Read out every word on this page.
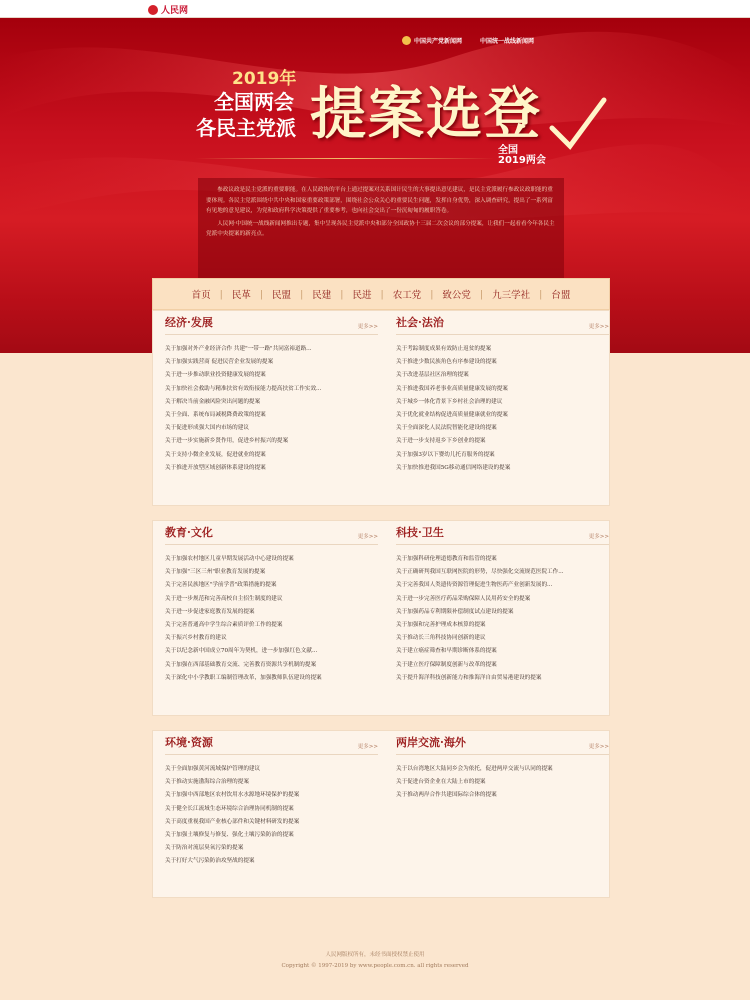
人民网
中国共产党新闻网	中国统一战线新闻网
2019年
全国两会
各民主党派 提案选登
全国
2019两会

参政议政是民主党派的重要职能。在人民政协的平台上通过提案对关系国计民生的大事提出意见建议，是民主党派履行参政议政职能的重要体现。各民主党派围绕中共中央和国家重要政策部署，围绕社会公众关心的重要民生问题，发挥自身优势，深入调查研究，提出了一系列富有见地的意见建议，为党和政府科学决策提供了重要参考，也向社会交出了一份沉甸甸的履职答卷。

人民网·中国统一战线新闻网推出专题，集中呈现各民主党派中央和部分全国政协十三届二次会议的部分提案，让我们一起看看今年各民主党派中央提案的新亮点。

首页 | 民革 | 民盟 | 民建 | 民进 | 农工党 | 致公党 | 九三学社 | 台盟
经济·发展	更多>>
关于加强对外产业经济合作 共建"一带一路"共同富裕道路...
关于加强实践营商 促进民营企业发展的提案
关于进一步推动职业投资健康发展的提案
关于加快社会救助与精准扶贫有效衔接能力提高扶贫工作实效...
关于解决当前金融风险突出问题的提案
关于全面、系统布局减税降费政策的提案
关于促进形成强大国内市场的建议
关于进一步实施新乡贤作用，促进乡村振兴的提案
关于支持小微企业发展，促进就业的提案
关于推进开放型区域创新体系建设的提案
社会·法治	更多>>
关于考踪制度成果有效防止返贫的提案
关于推进少数民族角色有序参建设的提案
关于改进基层社区治理的提案
关于推进我国养老事业高质量健康发展的提案
关于城乡一体化背景下乡村社会治理的建议
关于优化就业结构促进高质量健康就业的提案
关于全面深化人民法院智能化建设的提案
关于进一步支持返乡下乡创业的提案
关于加强3岁以下婴幼儿托育服务的提案
关于加快推进我国5G移动通信网络建设的提案
教育·文化	更多>>
关于加强农村地区儿童早期发展活动中心建设的提案
关于加强"三区三州"职业教育发展的提案
关于完善民族地区"学前学普"政策措施的提案
关于进一步规范和完善高校自主招生制度的建议
关于进一步促进家庭教育发展的提案
关于完善普通高中学生综合素质评价工作的提案
关于振兴乡村教育的建议
关于以纪念新中国成立70周年为契机，进一步加强红色文献...
关于加强在西部基础教育交流、完善教育资源共享机制的提案
关于深化中小学教职工编制管理改革，加强教师队伍建设的提案
科技·卫生	更多>>
关于加强科研伦理道德教育和监管的提案
关于正确研判我国互联网医院的形势，尽快强化交流规范医院工作...
关于完善我国人类遗传资源管理促进生物医药产业创新发展的...
关于进一步完善医疗药品采购保障人民用药安全的提案
关于加强药品专利期限补偿制度试点建设的提案
关于加强和完善护理成本核算的提案
关于推动长三角科技协同创新的建议
关于建立癌症筛查和早期诊断体系的提案
关于建立医疗保障制度创新与改革的提案
关于提升海洋科技创新能力和推海洋自由贸易港建设的提案
环境·资源	更多>>
关于全面加强黄河流域保护管理的建议
关于推动实施渤海综合治理的提案
关于加强中西部地区农村饮用水水源地环境保护的提案
关于健全长江流域生态环境综合治理协同机制的提案
关于高度重视我国产业核心部件和关键材料研发的提案
关于加强土壤修复与修复、强化土壤污染防治的提案
关于防治对流层臭氧污染的提案
关于打好大气污染防治攻坚战的提案
两岸交流·海外	更多>>
关于以台湾地区大陆同乡会为依托，促进两岸交流与认同的提案
关于促进台资企业在大陆上市的提案
关于推动两岸合作共建国际综合体的提案
人民网版权所有，未经书面授权禁止使用
Copyright © 1997-2019 by www.people.com.cn. all rights reserved
